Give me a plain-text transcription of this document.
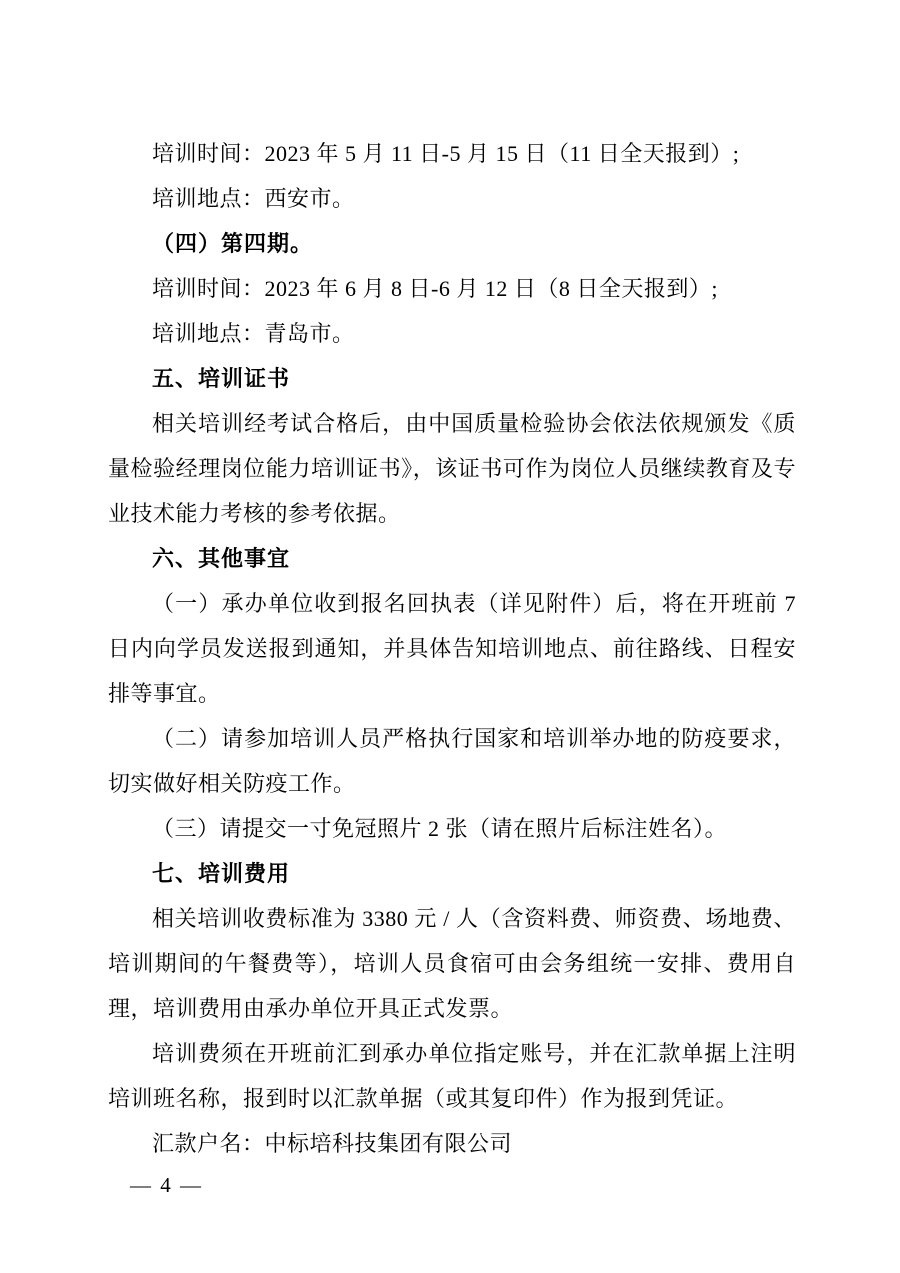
培训时间：2023 年 5 月 11 日-5 月 15 日（11 日全天报到）;

培训地点：西安市。

（四）第四期。

培训时间：2023 年 6 月 8 日-6 月 12 日（8 日全天报到）;

培训地点：青岛市。

五、培训证书

相关培训经考试合格后，由中国质量检验协会依法依规颁发《质量检验经理岗位能力培训证书》，该证书可作为岗位人员继续教育及专业技术能力考核的参考依据。

六、其他事宜

（一）承办单位收到报名回执表（详见附件）后，将在开班前 7 日内向学员发送报到通知，并具体告知培训地点、前往路线、日程安排等事宜。

（二）请参加培训人员严格执行国家和培训举办地的防疫要求，切实做好相关防疫工作。

（三）请提交一寸免冠照片 2 张（请在照片后标注姓名）。

七、培训费用

相关培训收费标准为 3380 元 / 人（含资料费、师资费、场地费、培训期间的午餐费等），培训人员食宿可由会务组统一安排、费用自理，培训费用由承办单位开具正式发票。

培训费须在开班前汇到承办单位指定账号，并在汇款单据上注明培训班名称，报到时以汇款单据（或其复印件）作为报到凭证。

汇款户名：中标培科技集团有限公司

— 4 —
